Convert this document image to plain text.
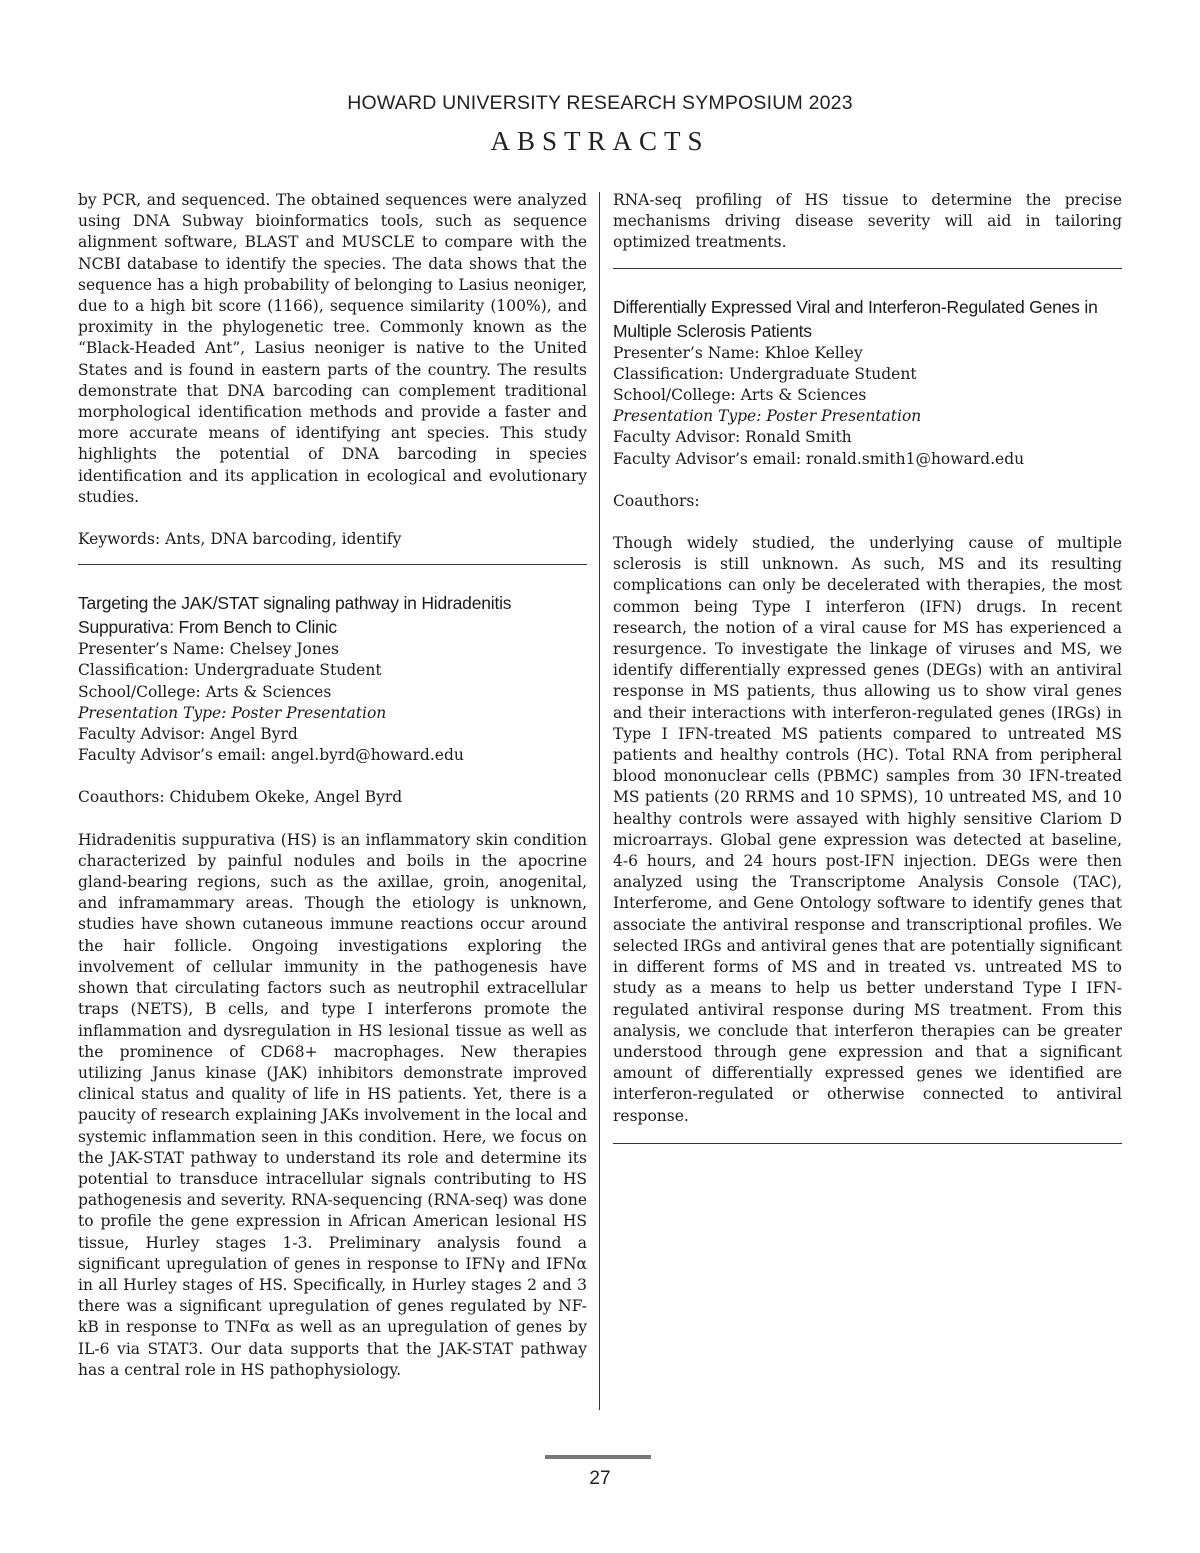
HOWARD UNIVERSITY RESEARCH SYMPOSIUM 2023
ABSTRACTS

by PCR, and sequenced. The obtained sequences were analyzed using DNA Subway bioinformatics tools, such as sequence alignment software, BLAST and MUSCLE to compare with the NCBI database to identify the species. The data shows that the sequence has a high probability of belonging to Lasius neoniger, due to a high bit score (1166), sequence similarity (100%), and proximity in the phylogenetic tree. Commonly known as the “Black-Headed Ant”, Lasius neoniger is native to the United States and is found in eastern parts of the country. The results demonstrate that DNA barcoding can complement traditional morphological identification methods and provide a faster and more accurate means of identifying ant species. This study highlights the potential of DNA barcoding in species identification and its application in ecological and evolutionary studies.

Keywords: Ants, DNA barcoding, identify

Targeting the JAK/STAT signaling pathway in Hidradenitis Suppurativa: From Bench to Clinic

Presenter’s Name: Chelsey Jones

Classification: Undergraduate Student

School/College: Arts & Sciences

Presentation Type: Poster Presentation

Faculty Advisor: Angel Byrd

Faculty Advisor’s email: angel.byrd@howard.edu

Coauthors: Chidubem Okeke, Angel Byrd

Hidradenitis suppurativa (HS) is an inflammatory skin condition characterized by painful nodules and boils in the apocrine gland-bearing regions, such as the axillae, groin, anogenital, and inframammary areas. Though the etiology is unknown, studies have shown cutaneous immune reactions occur around the hair follicle. Ongoing investigations exploring the involvement of cellular immunity in the pathogenesis have shown that circulating factors such as neutrophil extracellular traps (NETS), B cells, and type I interferons promote the inflammation and dysregulation in HS lesional tissue as well as the prominence of CD68+ macrophages. New therapies utilizing Janus kinase (JAK) inhibitors demonstrate improved clinical status and quality of life in HS patients. Yet, there is a paucity of research explaining JAKs involvement in the local and systemic inflammation seen in this condition. Here, we focus on the JAK-STAT pathway to understand its role and determine its potential to transduce intracellular signals contributing to HS pathogenesis and severity. RNA-sequencing (RNA-seq) was done to profile the gene expression in African American lesional HS tissue, Hurley stages 1-3. Preliminary analysis found a significant upregulation of genes in response to IFNγ and IFNα in all Hurley stages of HS. Specifically, in Hurley stages 2 and 3 there was a significant upregulation of genes regulated by NF-kB in response to TNFα as well as an upregulation of genes by IL-6 via STAT3. Our data supports that the JAK-STAT pathway has a central role in HS pathophysiology.

RNA-seq profiling of HS tissue to determine the precise mechanisms driving disease severity will aid in tailoring optimized treatments.

Differentially Expressed Viral and Interferon-Regulated Genes in Multiple Sclerosis Patients

Presenter’s Name: Khloe Kelley

Classification: Undergraduate Student

School/College: Arts & Sciences

Presentation Type: Poster Presentation

Faculty Advisor: Ronald Smith

Faculty Advisor’s email: ronald.smith1@howard.edu

Coauthors:

Though widely studied, the underlying cause of multiple sclerosis is still unknown. As such, MS and its resulting complications can only be decelerated with therapies, the most common being Type I interferon (IFN) drugs. In recent research, the notion of a viral cause for MS has experienced a resurgence. To investigate the linkage of viruses and MS, we identify differentially expressed genes (DEGs) with an antiviral response in MS patients, thus allowing us to show viral genes and their interactions with interferon-regulated genes (IRGs) in Type I IFN-treated MS patients compared to untreated MS patients and healthy controls (HC). Total RNA from peripheral blood mononuclear cells (PBMC) samples from 30 IFN-treated MS patients (20 RRMS and 10 SPMS), 10 untreated MS, and 10 healthy controls were assayed with highly sensitive Clariom D microarrays. Global gene expression was detected at baseline, 4-6 hours, and 24 hours post-IFN injection. DEGs were then analyzed using the Transcriptome Analysis Console (TAC), Interferome, and Gene Ontology software to identify genes that associate the antiviral response and transcriptional profiles. We selected IRGs and antiviral genes that are potentially significant in different forms of MS and in treated vs. untreated MS to study as a means to help us better understand Type I IFN- regulated antiviral response during MS treatment. From this analysis, we conclude that interferon therapies can be greater understood through gene expression and that a significant amount of differentially expressed genes we identified are interferon-regulated or otherwise connected to antiviral response.

27
